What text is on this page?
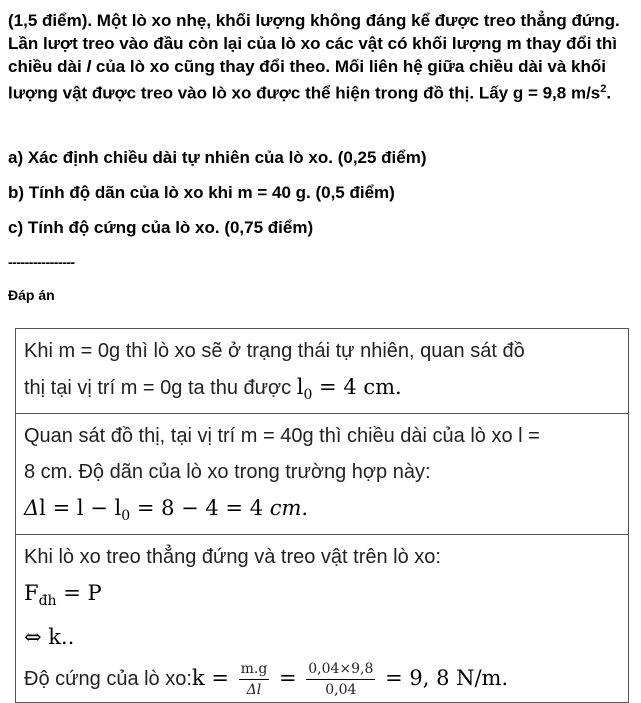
(1,5 điểm). Một lò xo nhẹ, khối lượng không đáng kể được treo thẳng đứng. Lần lượt treo vào đầu còn lại của lò xo các vật có khối lượng m thay đổi thì chiều dài l của lò xo cũng thay đổi theo. Mối liên hệ giữa chiều dài và khối lượng vật được treo vào lò xo được thể hiện trong đồ thị. Lấy g = 9,8 $m/s^2$.
a) Xác định chiều dài tự nhiên của lò xo. (0,25 điểm)
b) Tính độ dãn của lò xo khi m = 40 g. (0,5 điểm)
c) Tính độ cứng của lò xo. (0,75 điểm)
----------------
Đáp án
Khi m = 0g thì lò xo sẽ ở trạng thái tự nhiên, quan sát đồ
thị tại vị trí m = 0g ta thu được $l_0 = 4$ cm.

Quan sát đồ thị, tại vị trí m = 40g thì chiều dài của lò xo l =
8 cm. Độ dãn của lò xo trong trường hợp này:
$\Delta l = l - l_0 = 8 - 4 = 4$ cm.

Khi lò xo treo thẳng đứng và treo vật trên lò xo:
$F_{đh} = P$
⇔ k..
Độ cứng của lò xo:k = $\frac{m.g}{\Delta l} = \frac{0,04\times 9,8}{0,04} = 9$, 8 N/m.
